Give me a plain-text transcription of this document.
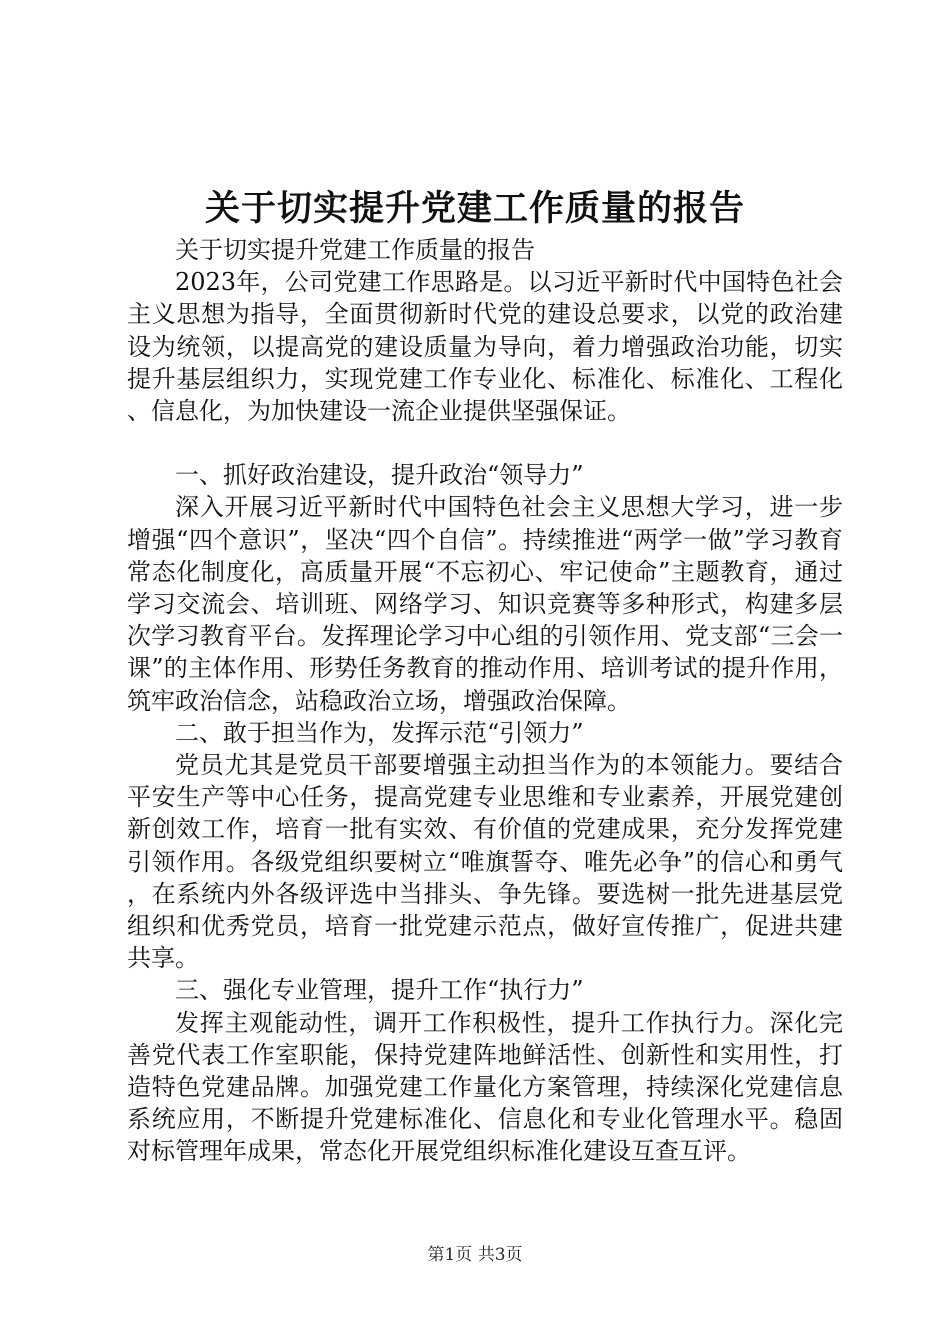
关于切实提升党建工作质量的报告

关于切实提升党建工作质量的报告

2023年，公司党建工作思路是。以习近平新时代中国特色社会主义思想为指导，全面贯彻新时代党的建设总要求，以党的政治建设为统领，以提高党的建设质量为导向，着力增强政治功能，切实提升基层组织力，实现党建工作专业化、标准化、标准化、工程化、信息化，为加快建设一流企业提供坚强保证。

一、抓好政治建设，提升政治“领导力”

深入开展习近平新时代中国特色社会主义思想大学习，进一步增强“四个意识”，坚决“四个自信”。持续推进“两学一做”学习教育常态化制度化，高质量开展“不忘初心、牢记使命”主题教育，通过学习交流会、培训班、网络学习、知识竞赛等多种形式，构建多层次学习教育平台。发挥理论学习中心组的引领作用、党支部“三会一课”的主体作用、形势任务教育的推动作用、培训考试的提升作用，筑牢政治信念，站稳政治立场，增强政治保障。

二、敢于担当作为，发挥示范“引领力”

党员尤其是党员干部要增强主动担当作为的本领能力。要结合平安生产等中心任务，提高党建专业思维和专业素养，开展党建创新创效工作，培育一批有实效、有价值的党建成果，充分发挥党建引领作用。各级党组织要树立“唯旗誓夺、唯先必争”的信心和勇气，在系统内外各级评选中当排头、争先锋。要选树一批先进基层党组织和优秀党员，培育一批党建示范点，做好宣传推广，促进共建共享。

三、强化专业管理，提升工作“执行力”

发挥主观能动性，调开工作积极性，提升工作执行力。深化完善党代表工作室职能，保持党建阵地鲜活性、创新性和实用性，打造特色党建品牌。加强党建工作量化方案管理，持续深化党建信息系统应用，不断提升党建标准化、信息化和专业化管理水平。稳固对标管理年成果，常态化开展党组织标准化建设互查互评。

第1页 共3页
